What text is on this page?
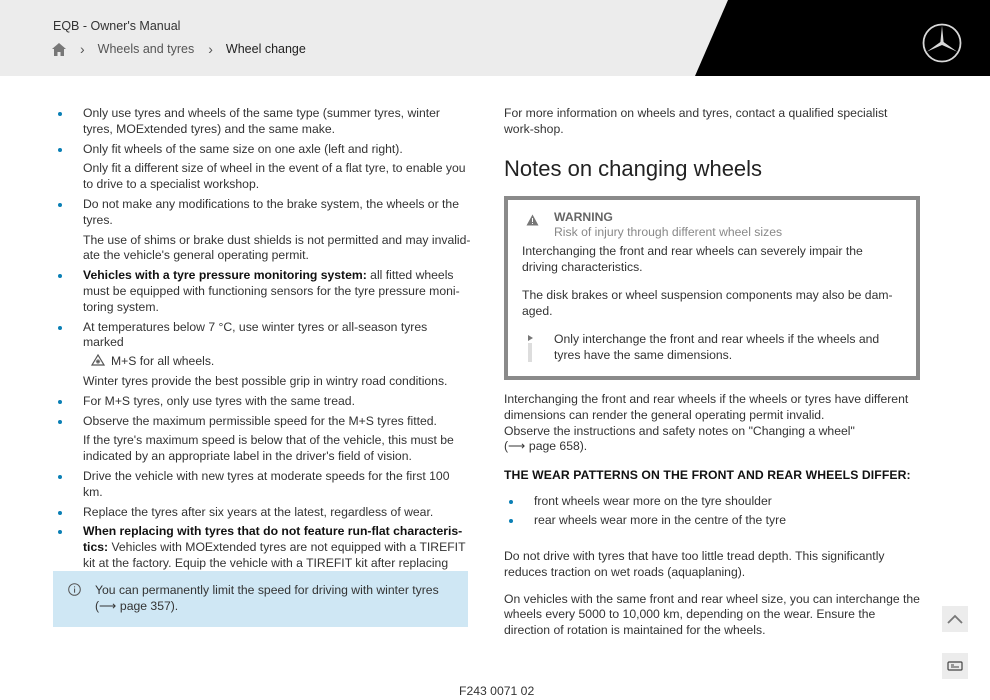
EQB - Owner's Manual
› Wheels and tyres › Wheel change
Only use tyres and wheels of the same type (summer tyres, winter tyres, MOExtended tyres) and the same make.
Only fit wheels of the same size on one axle (left and right).

Only fit a different size of wheel in the event of a flat tyre, to enable you to drive to a specialist workshop.

Do not make any modifications to the brake system, the wheels or the tyres.

The use of shims or brake dust shields is not permitted and may invalid-ate the vehicle's general operating permit.

Vehicles with a tyre pressure monitoring system: all fitted wheels must be equipped with functioning sensors for the tyre pressure moni-toring system.
At temperatures below 7 °C, use winter tyres or all-season tyres marked
M+S for all wheels.

Winter tyres provide the best possible grip in wintry road conditions.

For M+S tyres, only use tyres with the same tread.
Observe the maximum permissible speed for the M+S tyres fitted.

If the tyre's maximum speed is below that of the vehicle, this must be indicated by an appropriate label in the driver's field of vision.

Drive the vehicle with new tyres at moderate speeds for the first 100 km.
Replace the tyres after six years at the latest, regardless of wear.
When replacing with tyres that do not feature run-flat characteris-tics: Vehicles with MOExtended tyres are not equipped with a TIREFIT kit at the factory. Equip the vehicle with a TIREFIT kit after replacing
You can permanently limit the speed for driving with winter tyres (⟶ page 357).

For more information on wheels and tyres, contact a qualified specialist work-shop.

Notes on changing wheels
WARNING
Risk of injury through different wheel sizes

Interchanging the front and rear wheels can severely impair the driving characteristics.

The disk brakes or wheel suspension components may also be dam-aged.

Only interchange the front and rear wheels if the wheels and tyres have the same dimensions.

Interchanging the front and rear wheels if the wheels or tyres have different dimensions can render the general operating permit invalid.
Observe the instructions and safety notes on "Changing a wheel"
(⟶ page 658).

THE WEAR PATTERNS ON THE FRONT AND REAR WHEELS DIFFER:

front wheels wear more on the tyre shoulder
rear wheels wear more in the centre of the tyre

Do not drive with tyres that have too little tread depth. This significantly reduces traction on wet roads (aquaplaning).

On vehicles with the same front and rear wheel size, you can interchange the wheels every 5000 to 10,000 km, depending on the wear. Ensure the direction of rotation is maintained for the wheels.

F243 0071 02
